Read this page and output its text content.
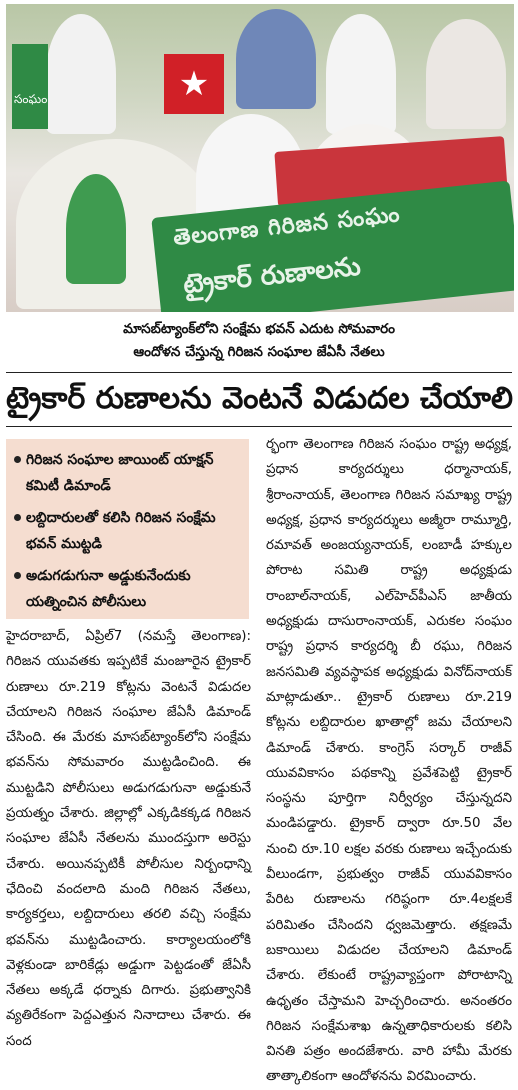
★
సంఘం
తెలంగాణ గిరిజన సంఘం
ట్రైకార్ రుణాలను
మాసబ్‌ట్యాంక్‌లోని సంక్షేమ భవన్ ఎదుట సోమవారం
ఆందోళన చేస్తున్న గిరిజన సంఘాల జేఏసీ నేతలు
ట్రైకార్ రుణాలను వెంటనే విడుదల చేయాలి
గిరిజన సంఘాల జాయింట్ యాక్షన్ కమిటీ డిమాండ్
లబ్దిదారులతో కలిసి గిరిజన సంక్షేమ భవన్ ముట్టడి
అడుగడుగునా అడ్డుకునేందుకు యత్నించిన పోలీసులు

హైదరాబాద్, ఏప్రిల్7 (నమస్తే తెలంగాణ): గిరిజన యువతకు ఇప్పటికే మంజూరైన ట్రైకార్ రుణాలు రూ.219 కోట్లను వెంటనే విడుదల చేయాలని గిరిజన సంఘాల జేఏసీ డిమాండ్ చేసింది. ఈ మేరకు మాసబ్‌ట్యాంక్‌లోని సంక్షేమ భవన్‌ను సోమవారం ముట్టడించింది. ఈ ముట్టడిని పోలీసులు అడుగడుగునా అడ్డుకునే ప్రయత్నం చేశారు. జిల్లాల్లో ఎక్కడికక్కడ గిరిజన సంఘాల జేఏసీ నేతలను ముందస్తుగా అరెస్టు చేశారు. అయినప్పటికీ పోలీసుల నిర్బంధాన్ని ఛేదించి వందలాది మంది గిరిజన నేతలు, కార్యకర్తలు, లబ్దిదారులు తరలి వచ్చి సంక్షేమ భవన్‌ను ముట్టడించారు. కార్యాలయంలోకి వెళ్లకుండా బారికేడ్లు అడ్డుగా పెట్టడంతో జేఏసీ నేతలు అక్కడే ధర్నాకు దిగారు. ప్రభుత్వానికి వ్యతిరేకంగా పెద్దఎత్తున నినాదాలు చేశారు. ఈ సంద

ర్భంగా తెలంగాణ గిరిజన సంఘం రాష్ట్ర అధ్యక్ష, ప్రధాన కార్యదర్శులు ధర్మానాయక్, శ్రీరాంనాయక్, తెలంగాణ గిరిజన సమాఖ్య రాష్ట్ర అధ్యక్ష, ప్రధాన కార్యదర్శులు అజ్మీరా రామ్మూర్తి, రమావత్ అంజయ్యనాయక్, లంబాడీ హక్కుల పోరాట సమితి రాష్ట్ర అధ్యక్షుడు రాంబాల్‌నాయక్, ఎల్‌హెచ్‌పీఎస్ జాతీయ అధ్యక్షుడు దాసురాంనాయక్, ఎరుకల సంఘం రాష్ట్ర ప్రధాన కార్యదర్శి బీ రఘు, గిరిజన జనసమితి వ్యవస్థాపక అధ్యక్షుడు వినోద్‌నాయక్ మాట్లాడుతూ.. ట్రైకార్ రుణాలు రూ.219 కోట్లను లబ్దిదారుల ఖాతాల్లో జమ చేయాలని డిమాండ్ చేశారు. కాంగ్రెస్ సర్కార్ రాజీవ్ యువవికాసం పథకాన్ని ప్రవేశపెట్టి ట్రైకార్ సంస్థను పూర్తిగా నిర్వీర్యం చేస్తున్నదని మండిపడ్డారు. ట్రైకార్ ద్వారా రూ.50 వేల నుంచి రూ.10 లక్షల వరకు రుణాలు ఇచ్చేందుకు వీలుండగా, ప్రభుత్వం రాజీవ్ యువవికాసం పేరిట రుణాలను గరిష్ఠంగా రూ.4లక్షలకే పరిమితం చేసిందని ధ్వజమెత్తారు. తక్షణమే బకాయిలు విడుదల చేయాలని డిమాండ్ చేశారు. లేకుంటే రాష్ట్రవ్యాప్తంగా పోరాటాన్ని ఉధృతం చేస్తామని హెచ్చరించారు. అనంతరం గిరిజన సంక్షేమశాఖ ఉన్నతాధికారులకు కలిసి వినతి పత్రం అందజేశారు. వారి హామీ మేరకు తాత్కాలికంగా ఆందోళనను విరమించారు.
